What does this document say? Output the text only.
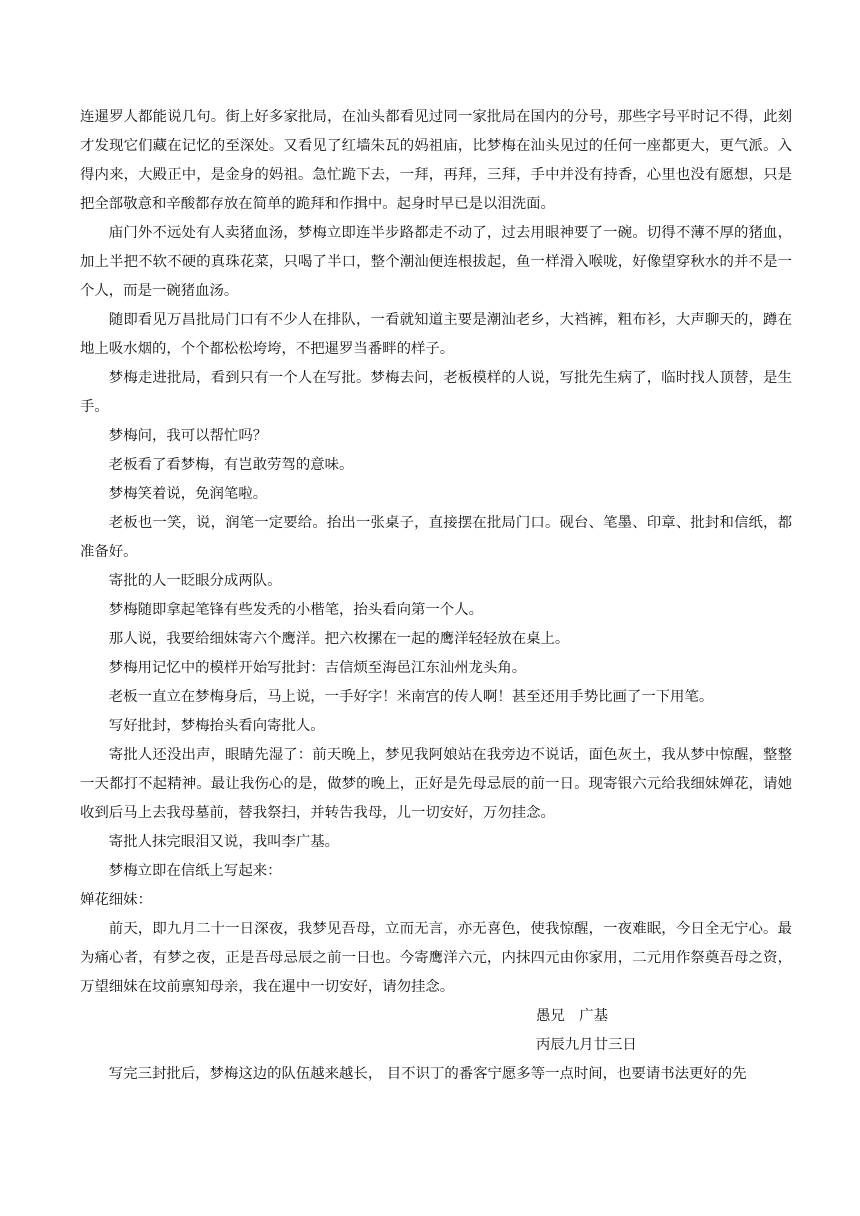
连暹罗人都能说几句。街上好多家批局，在汕头都看见过同一家批局在国内的分号，那些字号平时记不得，此刻才发现它们藏在记忆的至深处。又看见了红墙朱瓦的妈祖庙，比梦梅在汕头见过的任何一座都更大，更气派。入得内来，大殿正中，是金身的妈祖。急忙跪下去，一拜，再拜，三拜，手中并没有持香，心里也没有愿想，只是把全部敬意和辛酸都存放在简单的跪拜和作揖中。起身时早已是以泪洗面。

庙门外不远处有人卖猪血汤，梦梅立即连半步路都走不动了，过去用眼神要了一碗。切得不薄不厚的猪血，加上半把不软不硬的真珠花菜，只喝了半口，整个潮汕便连根拔起，鱼一样滑入喉咙，好像望穿秋水的并不是一个人，而是一碗猪血汤。

随即看见万昌批局门口有不少人在排队，一看就知道主要是潮汕老乡，大裆裤，粗布衫，大声聊天的，蹲在地上吸水烟的，个个都松松垮垮，不把暹罗当番畔的样子。

梦梅走进批局，看到只有一个人在写批。梦梅去问，老板模样的人说，写批先生病了，临时找人顶替，是生手。

梦梅问，我可以帮忙吗？

老板看了看梦梅，有岂敢劳驾的意味。

梦梅笑着说，免润笔啦。

老板也一笑，说，润笔一定要给。抬出一张桌子，直接摆在批局门口。砚台、笔墨、印章、批封和信纸，都准备好。

寄批的人一眨眼分成两队。

梦梅随即拿起笔锋有些发秃的小楷笔，抬头看向第一个人。

那人说，我要给细妹寄六个鹰洋。把六枚摞在一起的鹰洋轻轻放在桌上。

梦梅用记忆中的模样开始写批封：吉信烦至海邑江东汕州龙头角。

老板一直立在梦梅身后，马上说，一手好字！米南宫的传人啊！甚至还用手势比画了一下用笔。

写好批封，梦梅抬头看向寄批人。

寄批人还没出声，眼睛先湿了：前天晚上，梦见我阿娘站在我旁边不说话，面色灰土，我从梦中惊醒，整整一天都打不起精神。最让我伤心的是，做梦的晚上，正好是先母忌辰的前一日。现寄银六元给我细妹婵花，请她收到后马上去我母墓前，替我祭扫，并转告我母，儿一切安好，万勿挂念。

寄批人抹完眼泪又说，我叫李广基。

梦梅立即在信纸上写起来：

婵花细妹：

前天，即九月二十一日深夜，我梦见吾母，立而无言，亦无喜色，使我惊醒，一夜难眠，今日全无宁心。最为痛心者，有梦之夜，正是吾母忌辰之前一日也。今寄鹰洋六元，内抹四元由你家用，二元用作祭奠吾母之资，万望细妹在坟前禀知母亲，我在暹中一切安好，请勿挂念。

愚兄　广基

丙辰九月廿三日

写完三封批后，梦梅这边的队伍越来越长， 目不识丁的番客宁愿多等一点时间，也要请书法更好的先
